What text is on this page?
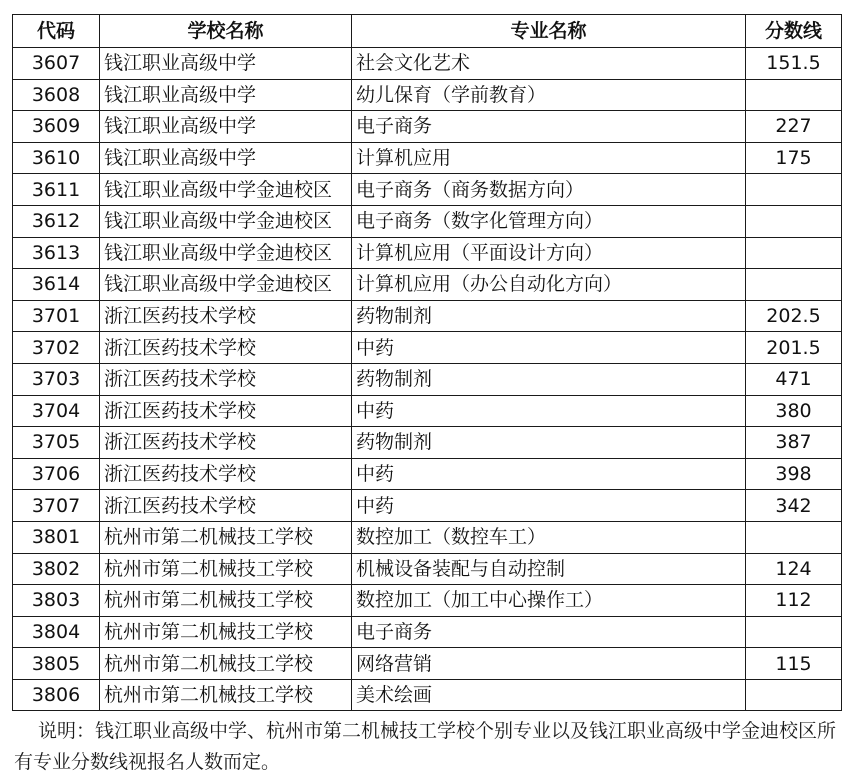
代码	学校名称	专业名称	分数线
3607	钱江职业高级中学	社会文化艺术	151.5
3608	钱江职业高级中学	幼儿保育（学前教育）	
3609	钱江职业高级中学	电子商务	227
3610	钱江职业高级中学	计算机应用	175
3611	钱江职业高级中学金迪校区	电子商务（商务数据方向）	
3612	钱江职业高级中学金迪校区	电子商务（数字化管理方向）	
3613	钱江职业高级中学金迪校区	计算机应用（平面设计方向）	
3614	钱江职业高级中学金迪校区	计算机应用（办公自动化方向）	
3701	浙江医药技术学校	药物制剂	202.5
3702	浙江医药技术学校	中药	201.5
3703	浙江医药技术学校	药物制剂	471
3704	浙江医药技术学校	中药	380
3705	浙江医药技术学校	药物制剂	387
3706	浙江医药技术学校	中药	398
3707	浙江医药技术学校	中药	342
3801	杭州市第二机械技工学校	数控加工（数控车工）	
3802	杭州市第二机械技工学校	机械设备装配与自动控制	124
3803	杭州市第二机械技工学校	数控加工（加工中心操作工）	112
3804	杭州市第二机械技工学校	电子商务	
3805	杭州市第二机械技工学校	网络营销	115
3806	杭州市第二机械技工学校	美术绘画	
说明：钱江职业高级中学、杭州市第二机械技工学校个别专业以及钱江职业高级中学金迪校区所有专业分数线视报名人数而定。
